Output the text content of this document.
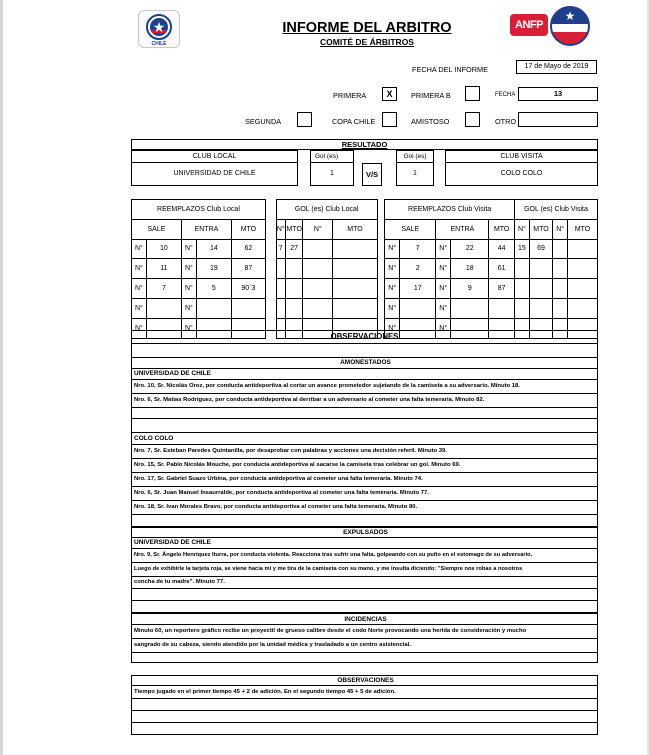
★
CHILE
INFORME DEL ARBITRO
COMITÉ DE ÁRBITROS
ANFP
★
FECHA DEL INFORME	17 de Mayo de 2019
PRIMERA	X	PRIMERA B	FECHA	13
SEGUNDA	COPA CHILE	AMISTOSO	OTRO
RESULTADO
CLUB LOCAL
UNIVERSIDAD DE CHILE
Gol (es)
1	V/S
Gol (es)
1
CLUB VISITA
COLO COLO
REEMPLAZOS Club Local						GOL (es) Club Local					REEMPLAZOS Club Visita					GOL (es) Club Visita			
SALE		ENTRA		MTO		N°	MTO	N°	MTO		SALE		ENTRA		MTO	N°	MTO	N°	MTO
N°	10	N°	14	62		7	27				N°	7	N°	22	44	15	69		
N°	11	N°	19	87							N°	2	N°	18	61				
N°	7	N°	5	90´3							N°	17	N°	9	87				
N°		N°									N°		N°						
N°		N°									N°		N°						
OBSERVACIONES
AMONESTADOS
UNIVERSIDAD DE CHILE
Nro. 10, Sr. Nicolás Oroz, por conducta antideportiva al cortar un avance prometedor sujetando de la camiseta a su adversario. Minuto 18.
Nro. 6, Sr. Matías Rodríguez, por conducta antideportiva al derribar a un adversario al cometer una falta temeraria. Minuto 82.
COLO COLO
Nro. 7, Sr. Esteban Paredes Quintanilla, por desaprobar con palabras y acciones una decisión referil. Minuto 39.
Nro. 15, Sr. Pablo Nicolás Mouche, por conducta antideportiva al sacarse la camiseta tras celebrar un gol. Minuto 69.
Nro. 17, Sr. Gabriel Suazo Urbina, por conducta antideportiva al cometer una falta temeraria. Minuto 74.
Nro. 6, Sr. Juan Manuel Insaurralde, por conducta antideportiva al cometer una falta temeraria. Minuto 77.
Nro. 18, Sr. Ivan Morales Bravo, por conducta antideportiva al cometer una falta temeraria. Minuto 80.
EXPULSADOS
UNIVERSIDAD DE CHILE
Nro. 9, Sr. Ángelo Henríquez Iturra, por conducta violenta. Reacciona tras sufrir una falta, golpeando con su puño en el estomago de su adversario.
Luego de exhibirle la tarjeta roja, se viene hacia mí y me tira de la camiseta con su mano, y me insulta diciendo: "Siempre nos robas a nosotros
concha de tu madre". Minuto 77.
INCIDENCIAS
Minuto 60, un reportero gráfico recibe un proyectil de grueso calibre desde el codo Norte provocando una herida de consideración y mucho
sangrado de su cabeza, siendo atendido por la unidad médica y trasladado a un centro asistencial.
OBSERVACIONES
Tiempo jugado en el primer tiempo 45 + 2 de adición. En el segundo tiempo 45 + 5 de adición.
